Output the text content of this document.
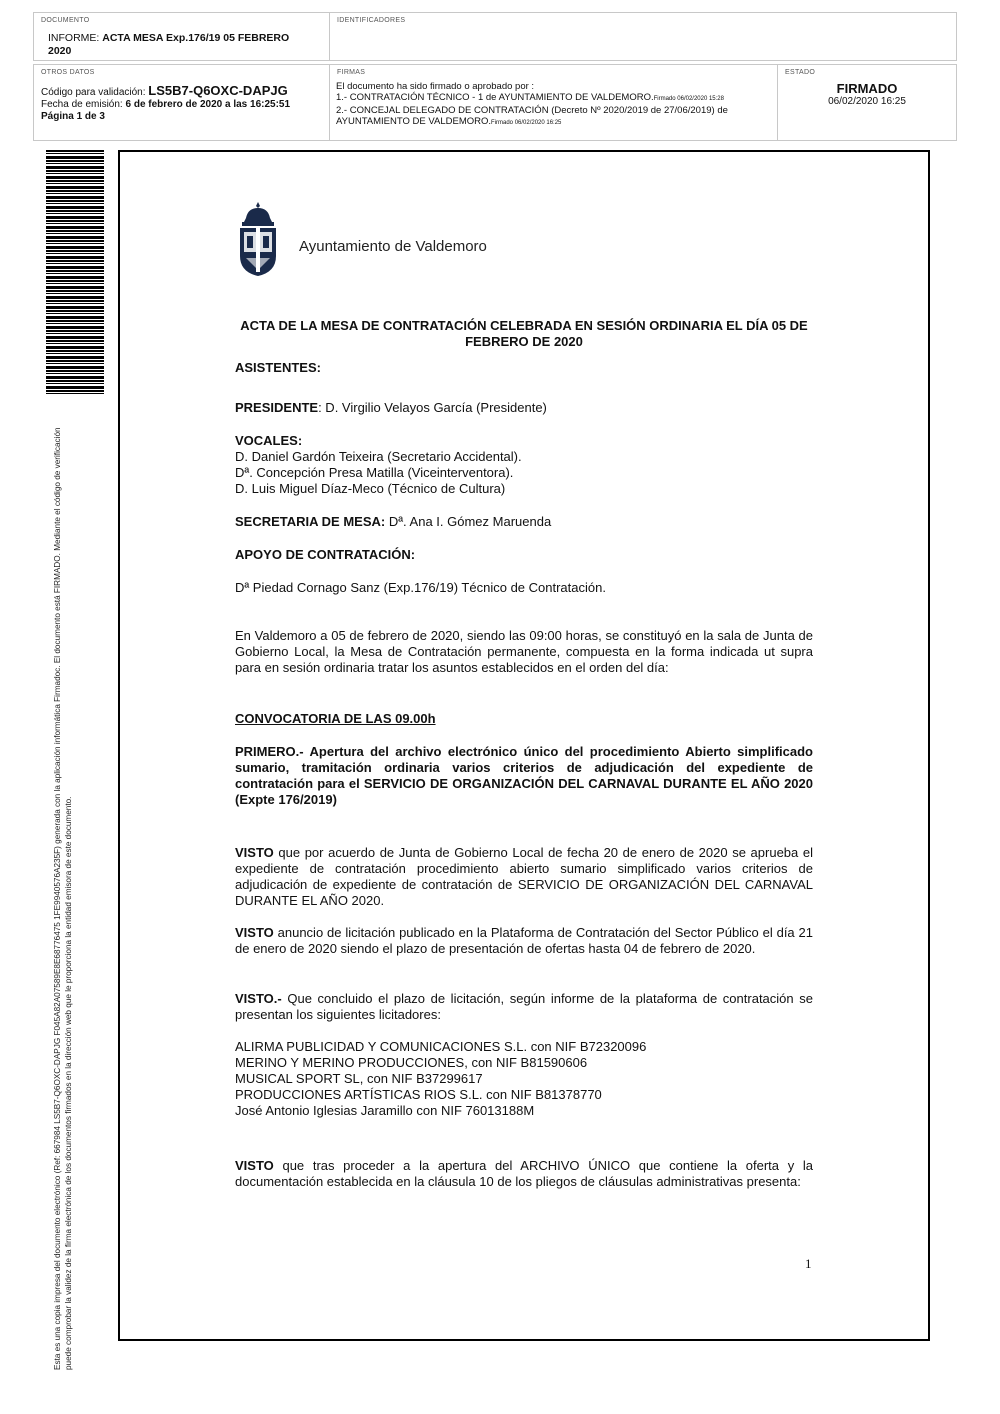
DOCUMENTO
INFORME: ACTA MESA Exp.176/19 05 FEBRERO 2020
IDENTIFICADORES
OTROS DATOS
Código para validación: LS5B7-Q6OXC-DAPJG
Fecha de emisión: 6 de febrero de 2020 a las 16:25:51
Página 1 de 3
FIRMAS
El documento ha sido firmado o aprobado por :
1.- CONTRATACIÓN TÉCNICO - 1 de AYUNTAMIENTO DE VALDEMORO.Firmado 06/02/2020 15:28
2.- CONCEJAL DELEGADO DE CONTRATACIÓN (Decreto Nº 2020/2019 de 27/06/2019) de AYUNTAMIENTO DE VALDEMORO.Firmado 06/02/2020 16:25
ESTADO
FIRMADO
06/02/2020 16:25
Esta es una copia impresa del documento electrónico (Ref: 667984 LS5B7-Q6OXC-DAPJG F045A82A07589E8E68776475 1FE9940576A235F) generada con la aplicación informática Firmadoc. El documento está FIRMADO. Mediante el código de verificación puede comprobar la validez de la firma electrónica de los documentos firmados en la dirección web que le proporciona la entidad emisora de este documento.
Ayuntamiento de Valdemoro
ACTA DE LA MESA DE CONTRATACIÓN CELEBRADA EN SESIÓN ORDINARIA EL DÍA 05 DE FEBRERO DE 2020
ASISTENTES:
PRESIDENTE: D. Virgilio Velayos García (Presidente)
VOCALES:
D. Daniel Gardón Teixeira (Secretario Accidental).
Dª. Concepción Presa Matilla (Viceinterventora).
D. Luis Miguel Díaz-Meco (Técnico de Cultura)
SECRETARIA DE MESA: Dª. Ana I. Gómez Maruenda
APOYO DE CONTRATACIÓN:
Dª Piedad Cornago Sanz (Exp.176/19) Técnico de Contratación.
En Valdemoro a 05 de febrero de 2020, siendo las 09:00 horas, se constituyó en la sala de Junta de Gobierno Local, la Mesa de Contratación permanente, compuesta en la forma indicada ut supra para en sesión ordinaria tratar los asuntos establecidos en el orden del día:
CONVOCATORIA DE LAS 09.00h
PRIMERO.- Apertura del archivo electrónico único del procedimiento Abierto simplificado sumario, tramitación ordinaria varios criterios de adjudicación del expediente de contratación para el SERVICIO DE ORGANIZACIÓN DEL CARNAVAL DURANTE EL AÑO 2020 (Expte 176/2019)
VISTO que por acuerdo de Junta de Gobierno Local de fecha 20 de enero de 2020 se aprueba el expediente de contratación procedimiento abierto sumario simplificado varios criterios de adjudicación de expediente de contratación de SERVICIO DE ORGANIZACIÓN DEL CARNAVAL DURANTE EL AÑO 2020.
VISTO anuncio de licitación publicado en la Plataforma de Contratación del Sector Público el día 21 de enero de 2020 siendo el plazo de presentación de ofertas hasta 04 de febrero de 2020.
VISTO.- Que concluido el plazo de licitación, según informe de la plataforma de contratación se presentan los siguientes licitadores:
ALIRMA PUBLICIDAD Y COMUNICACIONES S.L. con NIF B72320096
MERINO Y MERINO PRODUCCIONES, con NIF B81590606
MUSICAL SPORT SL, con NIF B37299617
PRODUCCIONES ARTÍSTICAS RIOS S.L. con NIF B81378770
José Antonio Iglesias Jaramillo con NIF 76013188M
VISTO que tras proceder a la apertura del ARCHIVO ÚNICO que contiene la oferta y la documentación establecida en la cláusula 10 de los pliegos de cláusulas administrativas presenta:
1
